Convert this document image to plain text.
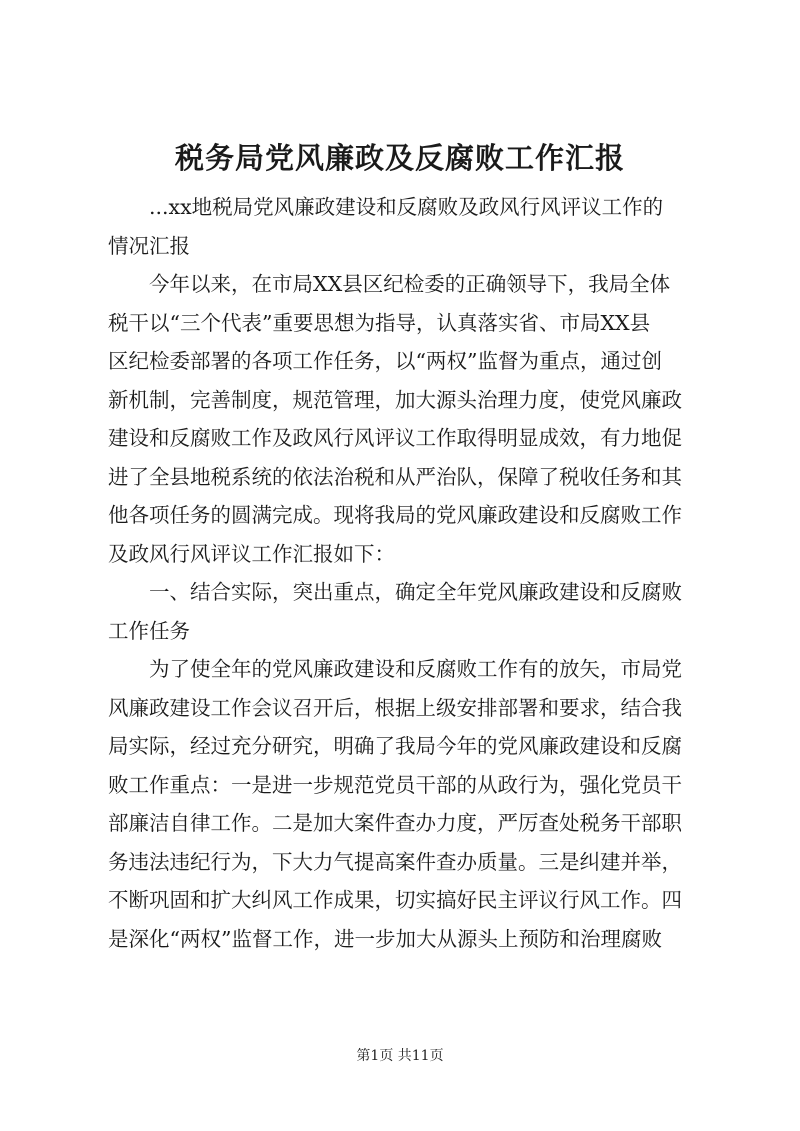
税务局党风廉政及反腐败工作汇报
...xx地税局党风廉政建设和反腐败及政风行风评议工作的
情况汇报
今年以来，在市局XX县区纪检委的正确领导下，我局全体
税干以“三个代表”重要思想为指导，认真落实省、市局XX县
区纪检委部署的各项工作任务，以“两权”监督为重点，通过创
新机制，完善制度，规范管理，加大源头治理力度，使党风廉政
建设和反腐败工作及政风行风评议工作取得明显成效，有力地促
进了全县地税系统的依法治税和从严治队，保障了税收任务和其
他各项任务的圆满完成。现将我局的党风廉政建设和反腐败工作
及政风行风评议工作汇报如下：
一、结合实际，突出重点，确定全年党风廉政建设和反腐败
工作任务
为了使全年的党风廉政建设和反腐败工作有的放矢，市局党
风廉政建设工作会议召开后，根据上级安排部署和要求，结合我
局实际，经过充分研究，明确了我局今年的党风廉政建设和反腐
败工作重点：一是进一步规范党员干部的从政行为，强化党员干
部廉洁自律工作。二是加大案件查办力度，严厉查处税务干部职
务违法违纪行为，下大力气提高案件查办质量。三是纠建并举，
不断巩固和扩大纠风工作成果，切实搞好民主评议行风工作。四
是深化“两权”监督工作，进一步加大从源头上预防和治理腐败
第1页 共11页
